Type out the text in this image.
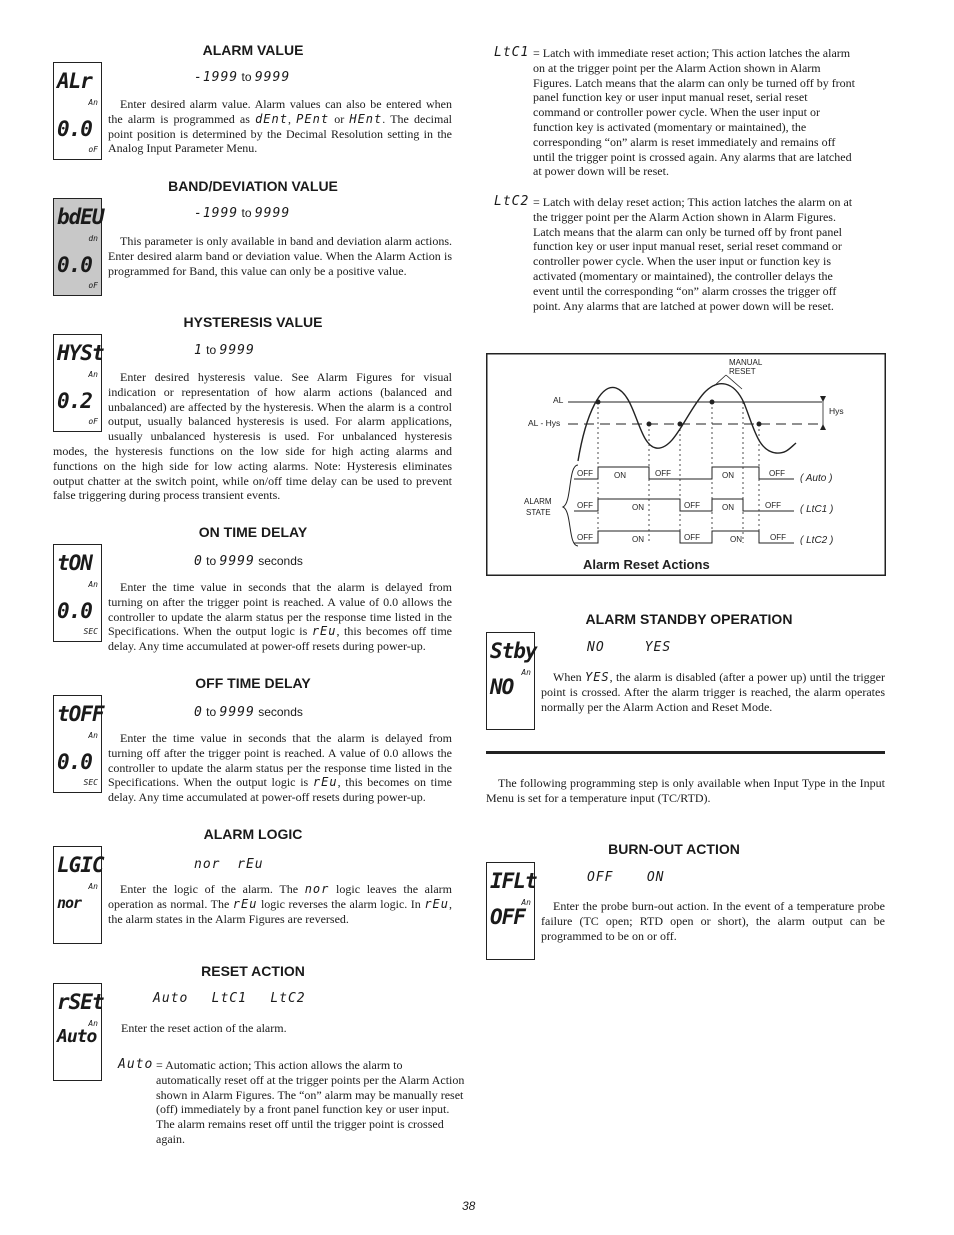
ALARM VALUE
ALr
An
0.0
oF
-1999 to 9999
Enter desired alarm value. Alarm values can also be entered when the alarm is programmed as dEnt, PEnt or HEnt. The decimal point position is determined by the Decimal Resolution setting in the Analog Input Parameter Menu.
BAND/DEVIATION VALUE
bdEU
dn
0.0
oF
-1999 to 9999
This parameter is only available in band and deviation alarm actions. Enter desired alarm band or deviation value. When the Alarm Action is programmed for Band, this value can only be a positive value.
HYSTERESIS VALUE
HYSt
An
0.2
oF
1 to 9999
Enter desired hysteresis value. See Alarm Figures for visual indication or representation of how alarm actions (balanced and unbalanced) are affected by the hysteresis. When the alarm is a control output, usually balanced hysteresis is used. For alarm applications, usually unbalanced hysteresis is used. For unbalanced hysteresis modes, the hysteresis functions on the low side for high acting alarms and functions on the high side for low acting alarms. Note: Hysteresis eliminates output chatter at the switch point, while on/off time delay can be used to prevent false triggering during process transient events.
ON TIME DELAY
tON
An
0.0
SEC
0 to 9999 seconds
Enter the time value in seconds that the alarm is delayed from turning on after the trigger point is reached. A value of 0.0 allows the controller to update the alarm status per the response time listed in the Specifications. When the output logic is rEu, this becomes off time delay. Any time accumulated at power-off resets during power-up.
OFF TIME DELAY
tOFF
An
0.0
SEC
0 to 9999 seconds
Enter the time value in seconds that the alarm is delayed from turning off after the trigger point is reached. A value of 0.0 allows the controller to update the alarm status per the response time listed in the Specifications. When the output logic is rEu, this becomes on time delay. Any time accumulated at power-off resets during power-up.
ALARM LOGIC
LGIC
An
nor
nor rEu
Enter the logic of the alarm. The nor logic leaves the alarm operation as normal. The rEu logic reverses the alarm logic. In rEu, the alarm states in the Alarm Figures are reversed.
RESET ACTION
rSEt
An
Auto
Auto LtC1 LtC2
Enter the reset action of the alarm.
Auto = Automatic action; This action allows the alarm to automatically reset off at the trigger points per the Alarm Action shown in Alarm Figures. The “on” alarm may be manually reset (off) immediately by a front panel function key or user input. The alarm remains reset off until the trigger point is crossed again.
LtC1 = Latch with immediate reset action; This action latches the alarm on at the trigger point per the Alarm Action shown in Alarm Figures. Latch means that the alarm can only be turned off by front panel function key or user input manual reset, serial reset command or controller power cycle. When the user input or function key is activated (momentary or maintained), the corresponding “on” alarm is reset immediately and remains off until the trigger point is crossed again. Any alarms that are latched at power down will be reset.
LtC2 = Latch with delay reset action; This action latches the alarm on at the trigger point per the Alarm Action shown in Alarm Figures. Latch means that the alarm can only be turned off by front panel function key or user input manual reset, serial reset command or controller power cycle. When the user input or function key is activated (momentary or maintained), the controller delays the event until the corresponding “on” alarm crosses the trigger off point. Any alarms that are latched at power down will be reset.
Hys
AL
AL - Hys
MANUAL
RESET
ALARM
STATE
OFF	ON	OFF	ON	OFF ( Auto )
OFF	ON	OFF	ON	OFF ( LtC1 )
OFF	ON	OFF	ON	OFF ( LtC2 )
Alarm Reset Actions
ALARM STANDBY OPERATION
Stby
An
NO
NO	YES
When YES, the alarm is disabled (after a power up) until the trigger point is crossed. After the alarm trigger is reached, the alarm operates normally per the Alarm Action and Reset Mode.
The following programming step is only available when Input Type in the Input Menu is set for a temperature input (TC/RTD).
BURN-OUT ACTION
IFLt
An
OFF
OFF	ON
Enter the probe burn-out action. In the event of a temperature probe failure (TC open; RTD open or short), the alarm output can be programmed to be on or off.
38
